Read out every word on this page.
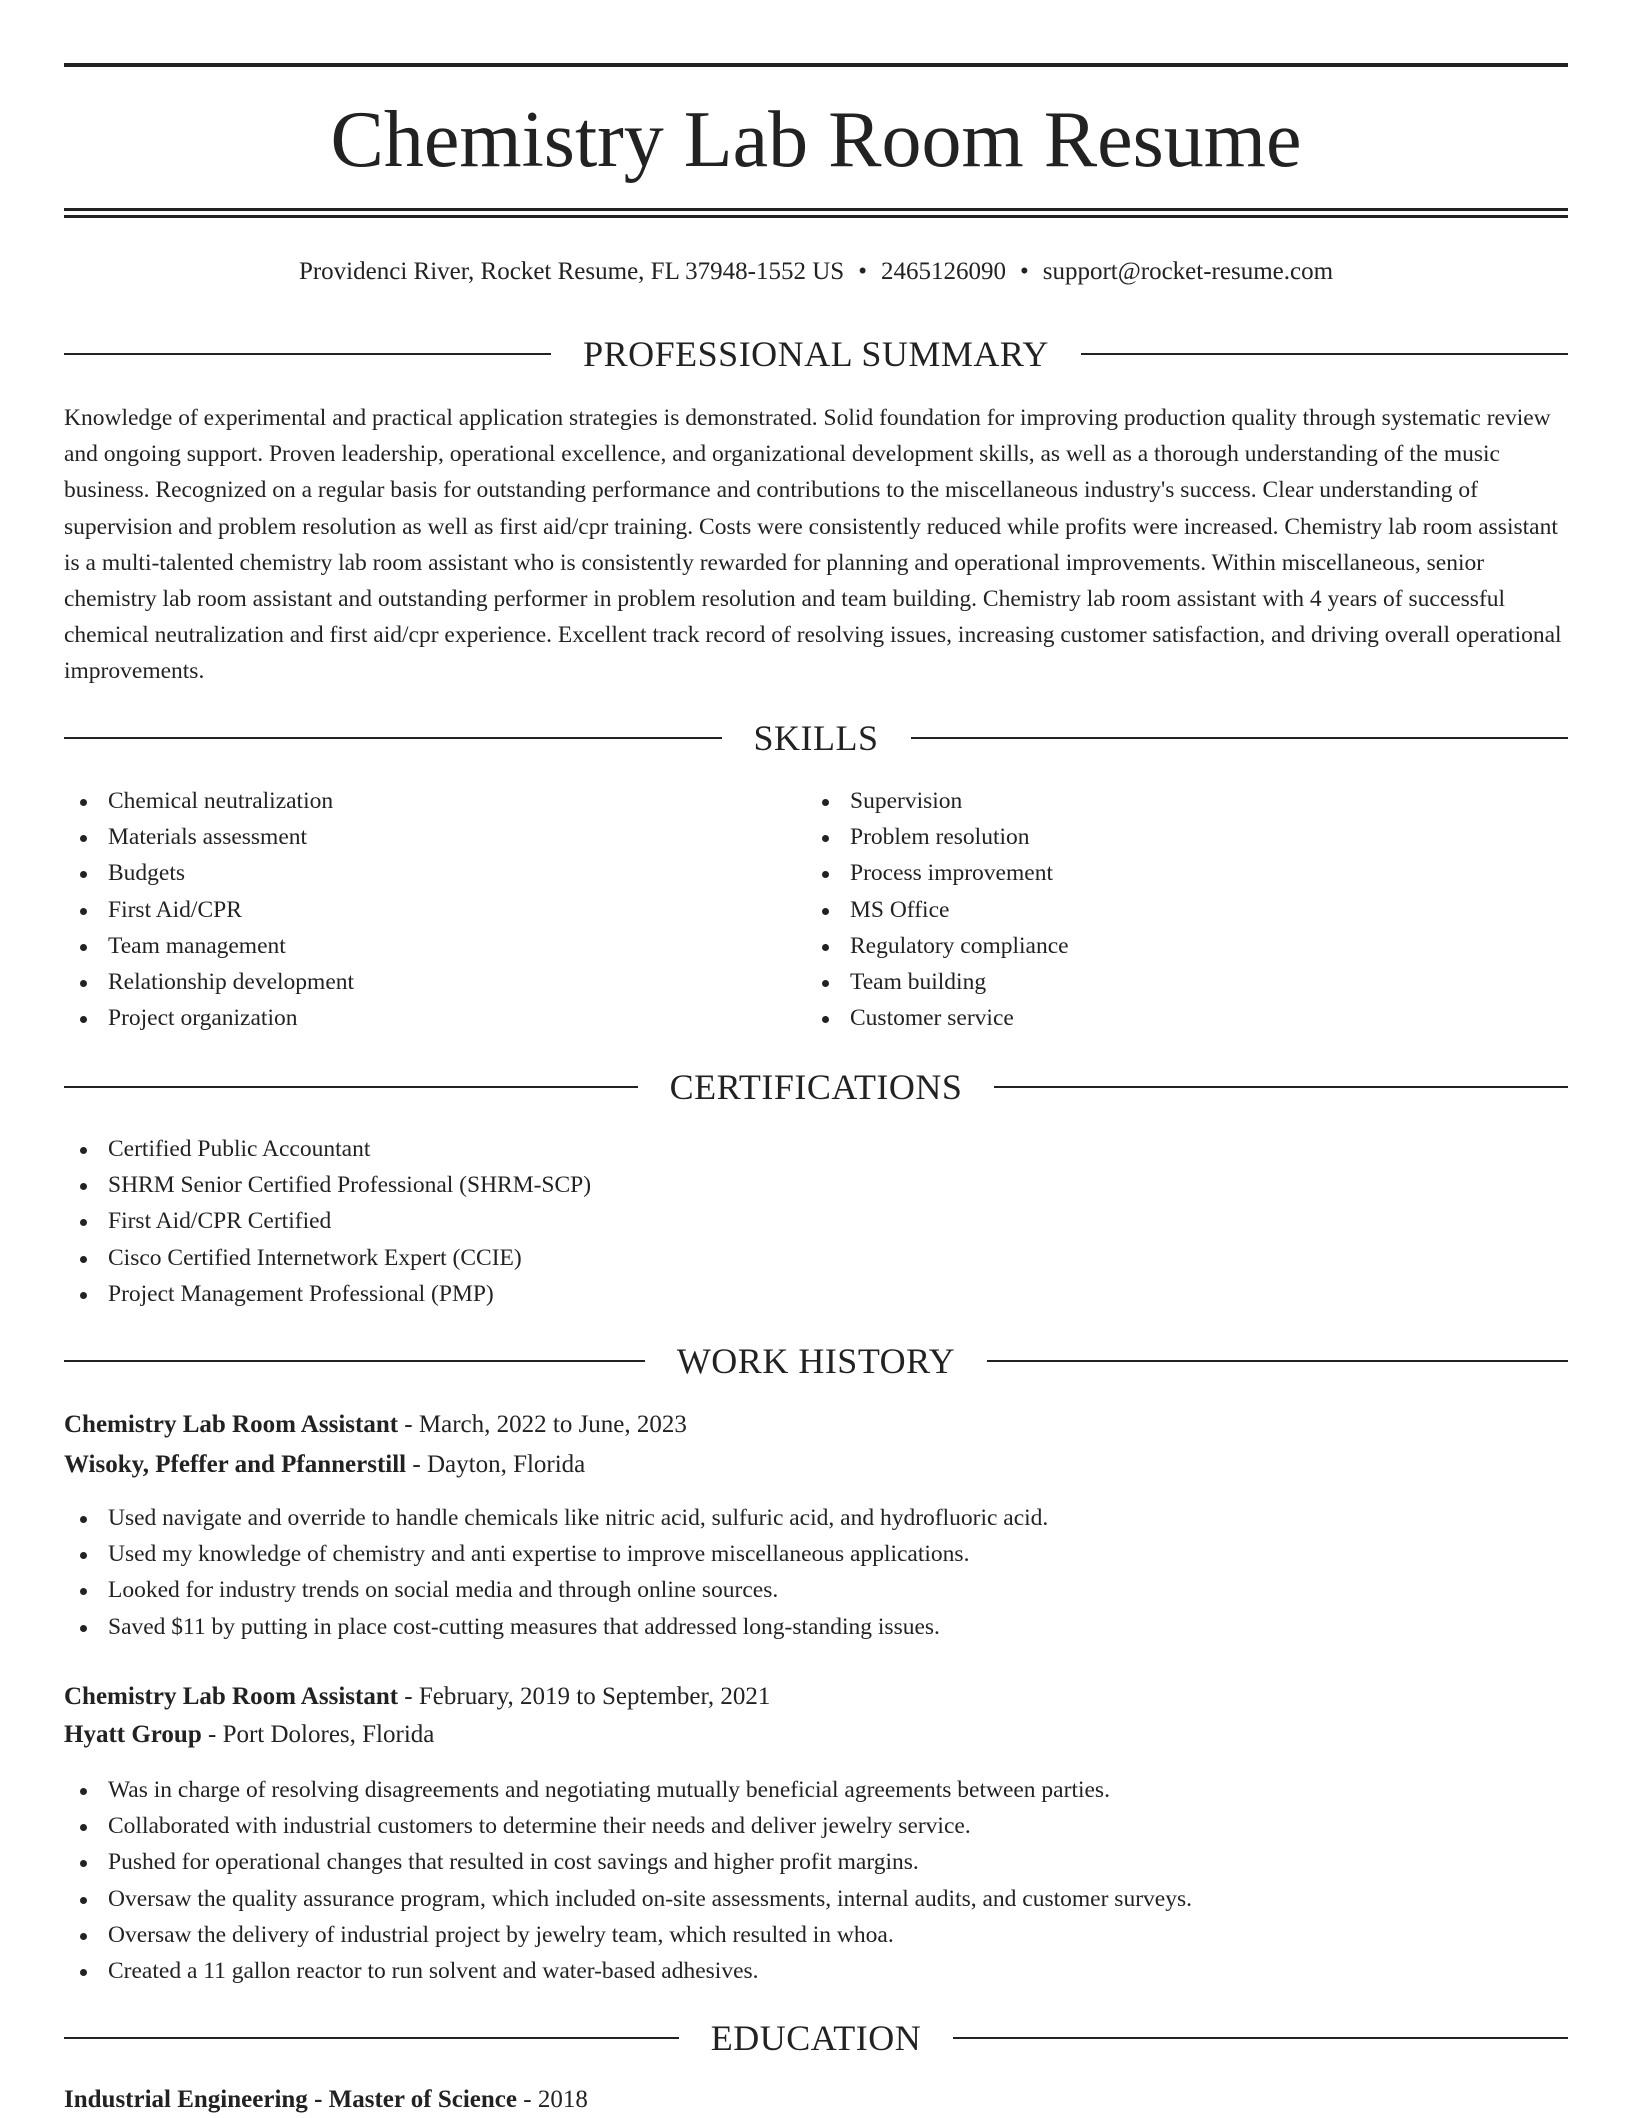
Chemistry Lab Room Resume
Providenci River, Rocket Resume, FL 37948-1552 US • 2465126090 • support@rocket-resume.com
PROFESSIONAL SUMMARY

Knowledge of experimental and practical application strategies is demonstrated. Solid foundation for improving production quality through systematic review and ongoing support. Proven leadership, operational excellence, and organizational development skills, as well as a thorough understanding of the music business. Recognized on a regular basis for outstanding performance and contributions to the miscellaneous industry's success. Clear understanding of supervision and problem resolution as well as first aid/cpr training. Costs were consistently reduced while profits were increased. Chemistry lab room assistant is a multi-talented chemistry lab room assistant who is consistently rewarded for planning and operational improvements. Within miscellaneous, senior chemistry lab room assistant and outstanding performer in problem resolution and team building. Chemistry lab room assistant with 4 years of successful chemical neutralization and first aid/cpr experience. Excellent track record of resolving issues, increasing customer satisfaction, and driving overall operational improvements.

SKILLS
Chemical neutralization
Materials assessment
Budgets
First Aid/CPR
Team management
Relationship development
Project organization
Supervision
Problem resolution
Process improvement
MS Office
Regulatory compliance
Team building
Customer service
CERTIFICATIONS
Certified Public Accountant
SHRM Senior Certified Professional (SHRM-SCP)
First Aid/CPR Certified
Cisco Certified Internetwork Expert (CCIE)
Project Management Professional (PMP)
WORK HISTORY
Chemistry Lab Room Assistant - March, 2022 to June, 2023
Wisoky, Pfeffer and Pfannerstill - Dayton, Florida
Used navigate and override to handle chemicals like nitric acid, sulfuric acid, and hydrofluoric acid.
Used my knowledge of chemistry and anti expertise to improve miscellaneous applications.
Looked for industry trends on social media and through online sources.
Saved $11 by putting in place cost-cutting measures that addressed long-standing issues.
Chemistry Lab Room Assistant - February, 2019 to September, 2021
Hyatt Group - Port Dolores, Florida
Was in charge of resolving disagreements and negotiating mutually beneficial agreements between parties.
Collaborated with industrial customers to determine their needs and deliver jewelry service.
Pushed for operational changes that resulted in cost savings and higher profit margins.
Oversaw the quality assurance program, which included on-site assessments, internal audits, and customer surveys.
Oversaw the delivery of industrial project by jewelry team, which resulted in whoa.
Created a 11 gallon reactor to run solvent and water-based adhesives.
EDUCATION
Industrial Engineering - Master of Science - 2018
